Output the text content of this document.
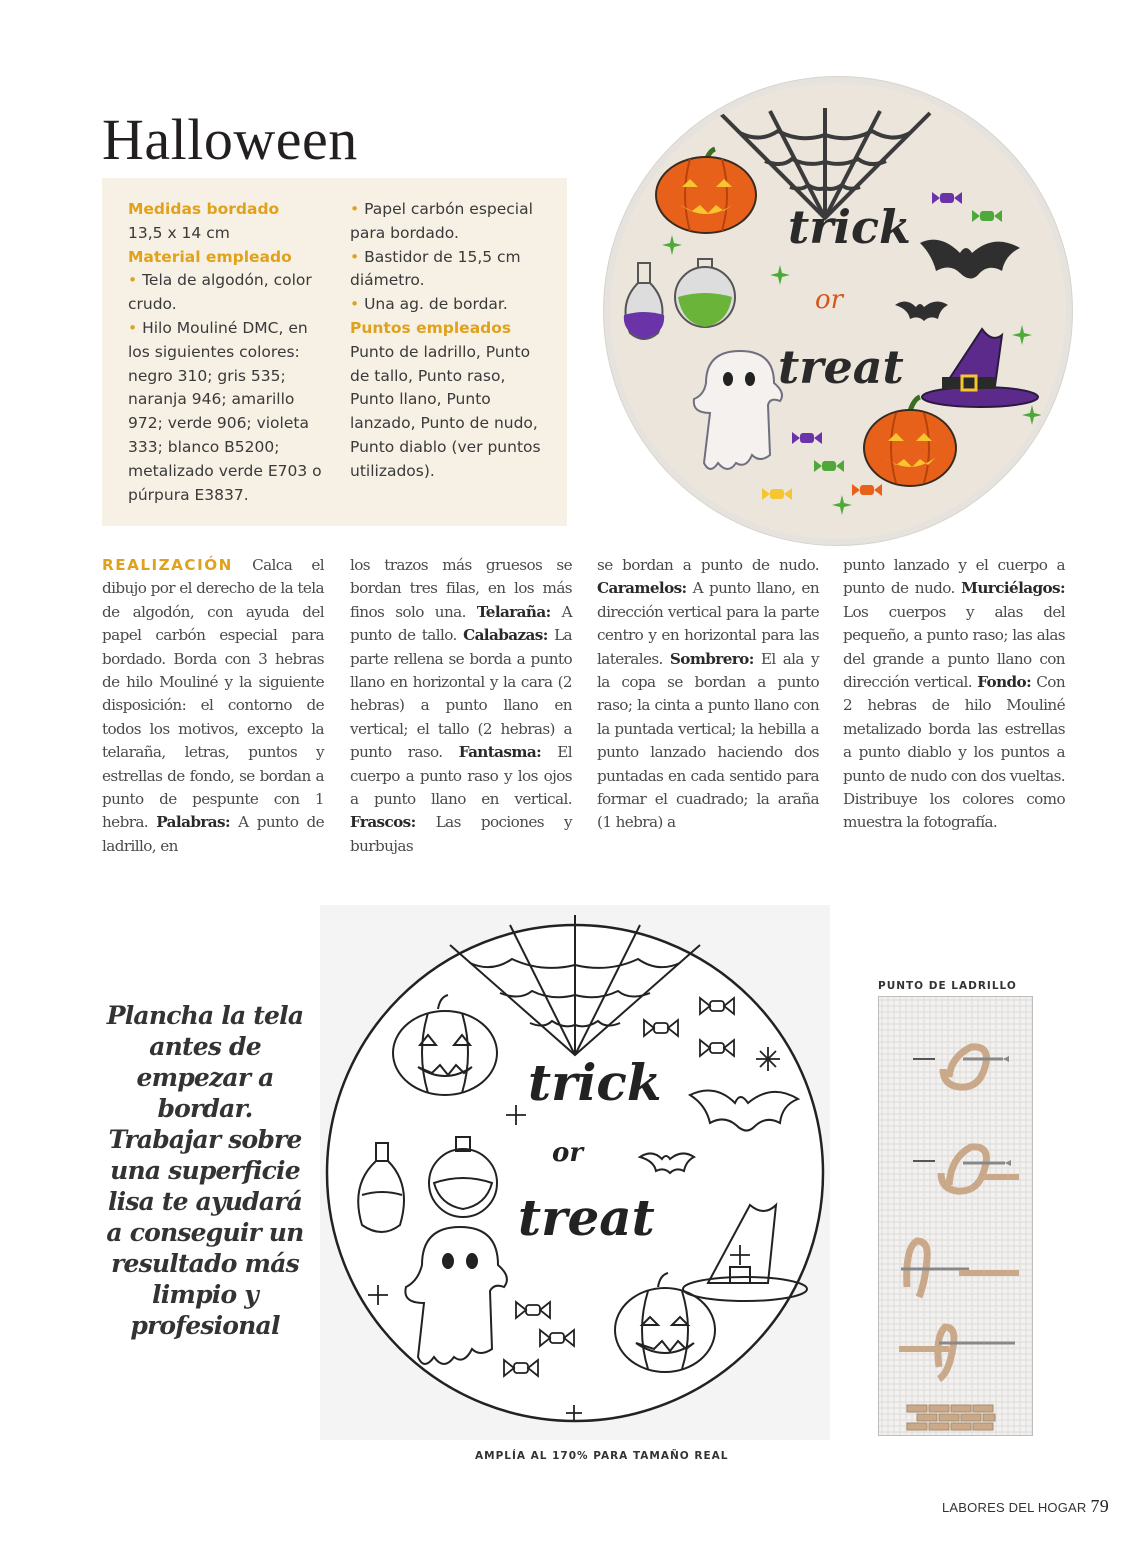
Halloween
Medidas bordado
13,5 x 14 cm
Material empleado
• Tela de algodón, color crudo.
• Hilo Mouliné DMC, en los siguientes colores: negro 310; gris 535; naranja 946; amarillo 972; verde 906; violeta 333; blanco B5200; metalizado verde E703 o púrpura E3837.
• Papel carbón especial para bordado.
• Bastidor de 15,5 cm diámetro.
• Una ag. de bordar.
Puntos empleados
Punto de ladrillo, Punto de tallo, Punto raso, Punto llano, Punto lanzado, Punto de nudo, Punto diablo (ver puntos utilizados).
REALIZACIÓN Calca el dibujo por el derecho de la tela de algodón, con ayuda del papel carbón especial para bordado. Borda con 3 hebras de hilo Mouliné y la siguiente disposición: el contorno de todos los motivos, excepto la telaraña, letras, puntos y estrellas de fondo, se bordan a punto de pespunte con 1 hebra. Palabras: A punto de ladrillo, en
los trazos más gruesos se bordan tres filas, en los más finos solo una. Telaraña: A punto de tallo. Calabazas: La parte rellena se borda a punto llano en horizontal y la cara (2 hebras) a punto llano en vertical; el tallo (2 hebras) a punto raso. Fantasma: El cuerpo a punto raso y los ojos a punto llano en vertical. Frascos: Las pociones y burbujas
se bordan a punto de nudo. Caramelos: A punto llano, en dirección vertical para la parte centro y en horizontal para las laterales. Sombrero: El ala y la copa se bordan a punto raso; la cinta a punto llano con la puntada vertical; la hebilla a punto lanzado haciendo dos puntadas en cada sentido para formar el cuadrado; la araña (1 hebra) a
punto lanzado y el cuerpo a punto de nudo. Murciélagos: Los cuerpos y alas del pequeño, a punto raso; las alas del grande a punto llano con dirección vertical. Fondo: Con 2 hebras de hilo Mouliné metalizado borda las estrellas a punto diablo y los puntos a punto de nudo con dos vueltas. Distribuye los colores como muestra la fotografía.
trick
or
treat
trick
or
treat
AMPLÍA AL 170% PARA TAMAÑO REAL
Plancha la tela antes de empezar a bordar. Trabajar sobre una superficie lisa te ayudará a conseguir un resultado más limpio y profesional
PUNTO DE LADRILLO
LABORES DEL HOGAR 79
